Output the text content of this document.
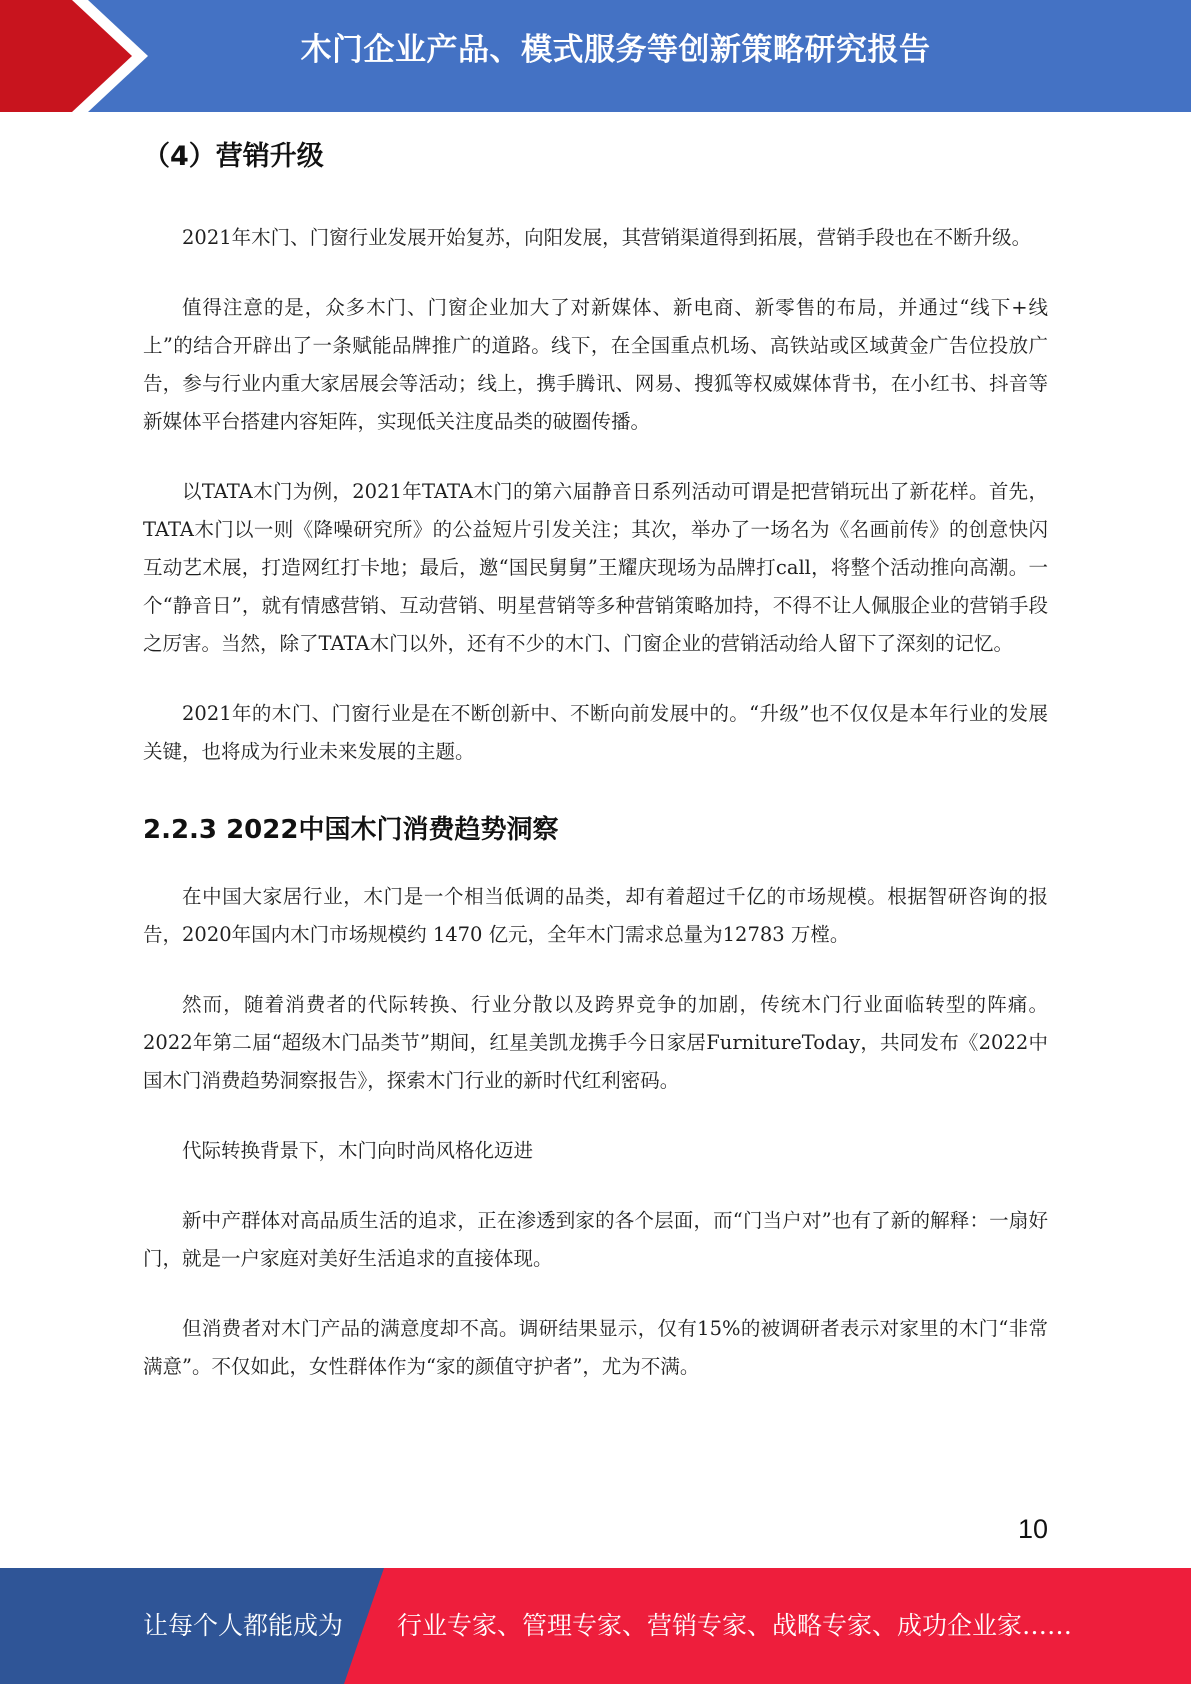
木门企业产品、模式服务等创新策略研究报告
（4）营销升级

2021年木门、门窗行业发展开始复苏，向阳发展，其营销渠道得到拓展，营销手段也在不断升级。

值得注意的是，众多木门、门窗企业加大了对新媒体、新电商、新零售的布局，并通过“线下+线上”的结合开辟出了一条赋能品牌推广的道路。线下，在全国重点机场、高铁站或区域黄金广告位投放广告，参与行业内重大家居展会等活动；线上，携手腾讯、网易、搜狐等权威媒体背书，在小红书、抖音等新媒体平台搭建内容矩阵，实现低关注度品类的破圈传播。

以TATA木门为例，2021年TATA木门的第六届静音日系列活动可谓是把营销玩出了新花样。首先，TATA木门以一则《降噪研究所》的公益短片引发关注；其次，举办了一场名为《名画前传》的创意快闪互动艺术展，打造网红打卡地；最后，邀“国民舅舅”王耀庆现场为品牌打call，将整个活动推向高潮。一个“静音日”，就有情感营销、互动营销、明星营销等多种营销策略加持，不得不让人佩服企业的营销手段之厉害。当然，除了TATA木门以外，还有不少的木门、门窗企业的营销活动给人留下了深刻的记忆。

2021年的木门、门窗行业是在不断创新中、不断向前发展中的。“升级”也不仅仅是本年行业的发展关键，也将成为行业未来发展的主题。

2.2.3 2022中国木门消费趋势洞察

在中国大家居行业，木门是一个相当低调的品类，却有着超过千亿的市场规模。根据智研咨询的报告，2020年国内木门市场规模约 1470 亿元，全年木门需求总量为12783 万樘。

然而，随着消费者的代际转换、行业分散以及跨界竞争的加剧，传统木门行业面临转型的阵痛。2022年第二届“超级木门品类节”期间，红星美凯龙携手今日家居FurnitureToday，共同发布《2022中国木门消费趋势洞察报告》，探索木门行业的新时代红利密码。

代际转换背景下，木门向时尚风格化迈进

新中产群体对高品质生活的追求，正在渗透到家的各个层面，而“门当户对”也有了新的解释：一扇好门，就是一户家庭对美好生活追求的直接体现。

但消费者对木门产品的满意度却不高。调研结果显示，仅有15%的被调研者表示对家里的木门“非常满意”。不仅如此，女性群体作为“家的颜值守护者”，尤为不满。

10
让每个人都能成为 行业专家、管理专家、营销专家、战略专家、成功企业家……
